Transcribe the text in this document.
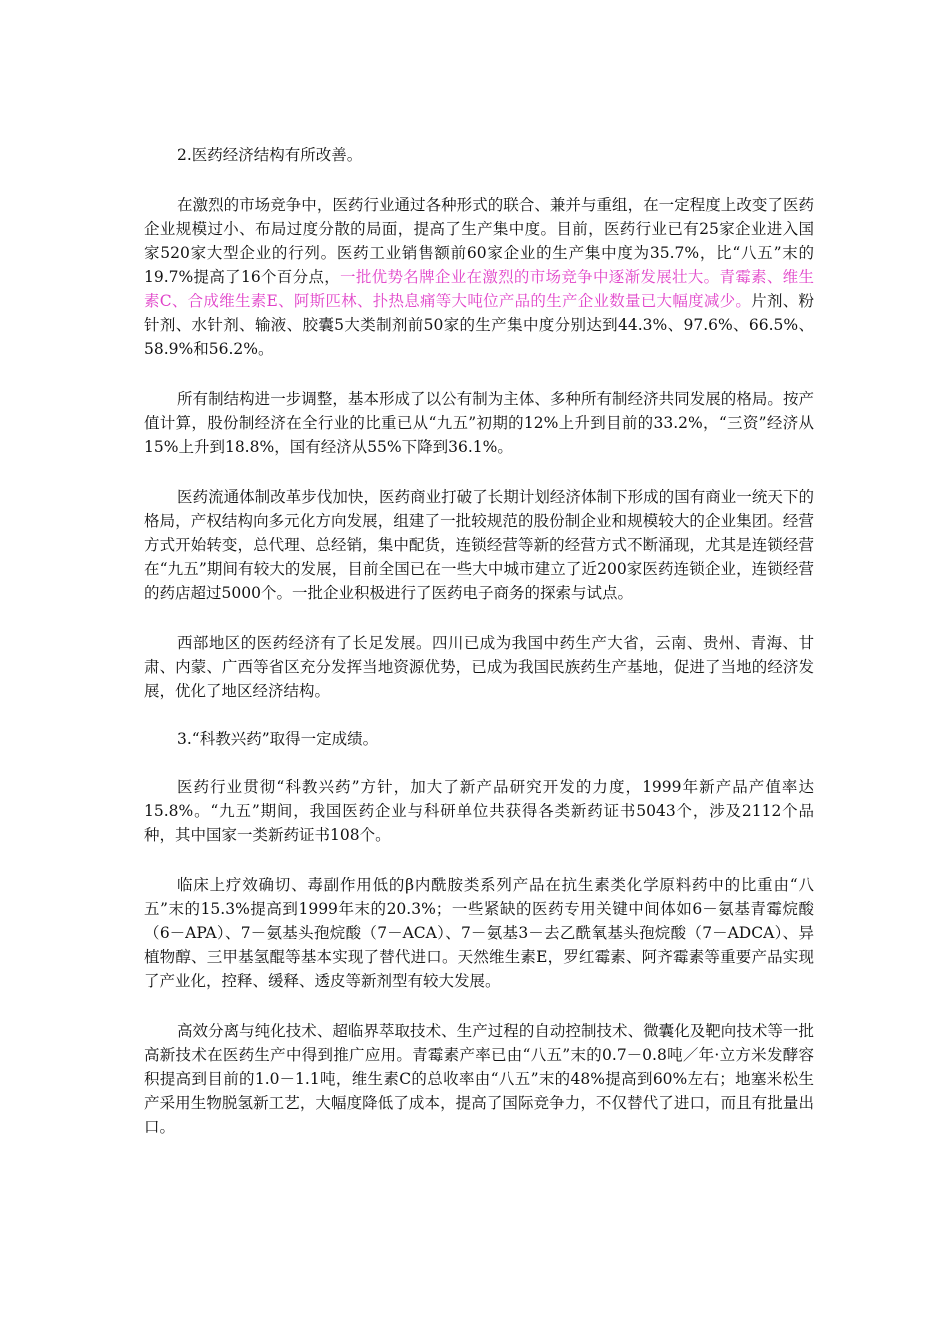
2.医药经济结构有所改善。

在激烈的市场竞争中，医药行业通过各种形式的联合、兼并与重组，在一定程度上改变了医药企业规模过小、布局过度分散的局面，提高了生产集中度。目前，医药行业已有25家企业进入国家520家大型企业的行列。医药工业销售额前60家企业的生产集中度为35.7%，比“八五”末的19.7%提高了16个百分点，一批优势名牌企业在激烈的市场竞争中逐渐发展壮大。青霉素、维生素C、合成维生素E、阿斯匹林、扑热息痛等大吨位产品的生产企业数量已大幅度减少。片剂、粉针剂、水针剂、输液、胶囊5大类制剂前50家的生产集中度分别达到44.3%、97.6%、66.5%、58.9%和56.2%。

所有制结构进一步调整，基本形成了以公有制为主体、多种所有制经济共同发展的格局。按产值计算，股份制经济在全行业的比重已从“九五”初期的12%上升到目前的33.2%，“三资”经济从15%上升到18.8%，国有经济从55%下降到36.1%。

医药流通体制改革步伐加快，医药商业打破了长期计划经济体制下形成的国有商业一统天下的格局，产权结构向多元化方向发展，组建了一批较规范的股份制企业和规模较大的企业集团。经营方式开始转变，总代理、总经销，集中配货，连锁经营等新的经营方式不断涌现，尤其是连锁经营在“九五”期间有较大的发展，目前全国已在一些大中城市建立了近200家医药连锁企业，连锁经营的药店超过5000个。一批企业积极进行了医药电子商务的探索与试点。

西部地区的医药经济有了长足发展。四川已成为我国中药生产大省，云南、贵州、青海、甘肃、内蒙、广西等省区充分发挥当地资源优势，已成为我国民族药生产基地，促进了当地的经济发展，优化了地区经济结构。

3.“科教兴药”取得一定成绩。

医药行业贯彻“科教兴药”方针，加大了新产品研究开发的力度，1999年新产品产值率达15.8%。“九五”期间，我国医药企业与科研单位共获得各类新药证书5043个，涉及2112个品种，其中国家一类新药证书108个。

临床上疗效确切、毒副作用低的β内酰胺类系列产品在抗生素类化学原料药中的比重由“八五”末的15.3%提高到1999年末的20.3%；一些紧缺的医药专用关键中间体如6－氨基青霉烷酸（6－APA）、7－氨基头孢烷酸（7－ACA）、7－氨基3－去乙酰氧基头孢烷酸（7－ADCA）、异植物醇、三甲基氢醌等基本实现了替代进口。天然维生素E，罗红霉素、阿齐霉素等重要产品实现了产业化，控释、缓释、透皮等新剂型有较大发展。

高效分离与纯化技术、超临界萃取技术、生产过程的自动控制技术、微囊化及靶向技术等一批高新技术在医药生产中得到推广应用。青霉素产率已由“八五”末的0.7－0.8吨／年·立方米发酵容积提高到目前的1.0－1.1吨，维生素C的总收率由“八五”末的48%提高到60%左右；地塞米松生产采用生物脱氢新工艺，大幅度降低了成本，提高了国际竞争力，不仅替代了进口，而且有批量出口。
